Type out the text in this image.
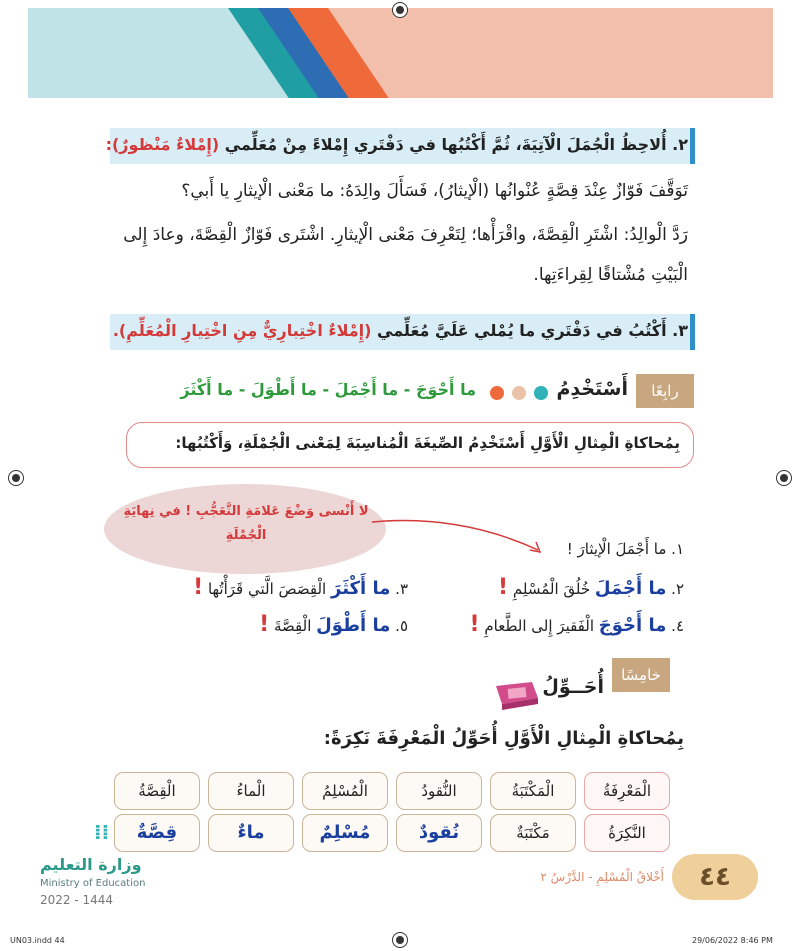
٢. أُلاحِظُ الْجُمَلَ الْآتِيَةَ، ثُمَّ أَكْتُبُها في دَفْتَري إِمْلاءً مِنْ مُعَلِّمي (إِمْلاءٌ مَنْظورٌ):
تَوَقَّفَ فَوّازٌ عِنْدَ قِصَّةٍ عُنْوانُها (الْإيثارُ)، فَسَأَلَ والِدَهُ: ما مَعْنى الْإيثارِ يا أَبي؟
رَدَّ الْوالِدُ: اشْتَرِ الْقِصَّةَ، واقْرَأْها؛ لِتَعْرِفَ مَعْنى الْإيثارِ. اشْتَرى فَوّازٌ الْقِصَّةَ، وعادَ إِلى
الْبَيْتِ مُشْتاقًا لِقِراءَتِها.
٣. أَكْتُبُ في دَفْتَري ما يُمْلي عَلَيَّ مُعَلِّمي (إِمْلاءٌ اخْتِبارِيٌّ مِنِ اخْتِيارِ الْمُعَلِّمِ).
رابِعًا
أَسْتَخْدِمُ
ما أَحْوَجَ - ما أَجْمَلَ - ما أَطْوَلَ - ما أَكْثَرَ
بِمُحاكاةِ الْمِثالِ الْأَوَّلِ أَسْتَخْدِمُ الصِّيغَةَ الْمُناسِبَةَ لِمَعْنى الْجُمْلَةِ، وَأَكْتُبُها:
لا أَنْسى وَضْعَ عَلامَةِ التَّعَجُّبِ ! في نِهايَةِ الْجُمْلَةِ
١. ما أَجْمَلَ الْإيثارَ !
٢. ما أَجْمَلَ خُلُقَ الْمُسْلِمِ !
٣. ما أَكْثَرَ الْقِصَصَ الَّتي قَرَأْتُها !
٤. ما أَحْوَجَ الْفَقيرَ إِلى الطَّعامِ !
٥. ما أَطْوَلَ الْقِصَّةَ !
خامِسًا
أُحَــوِّلُ
بِمُحاكاةِ الْمِثالِ الْأَوَّلِ أُحَوِّلُ الْمَعْرِفَةَ نَكِرَةً:
الْمَعْرِفَةُ
الْمَكْتَبَةُ
النُّقودُ
الْمُسْلِمُ
الْماءُ
الْقِصَّةُ
النَّكِرَةُ
مَكْتَبَةٌ
نُقودٌ
مُسْلِمٌ
ماءٌ
قِصَّةٌ
⁞⁞
٤٤
أَخْلاقُ الْمُسْلِمِ - الدَّرْسُ ٢
وزارة التعليم
Ministry of Education
2022 - 1444
UN03.indd 44	29/06/2022 8:46 PM
